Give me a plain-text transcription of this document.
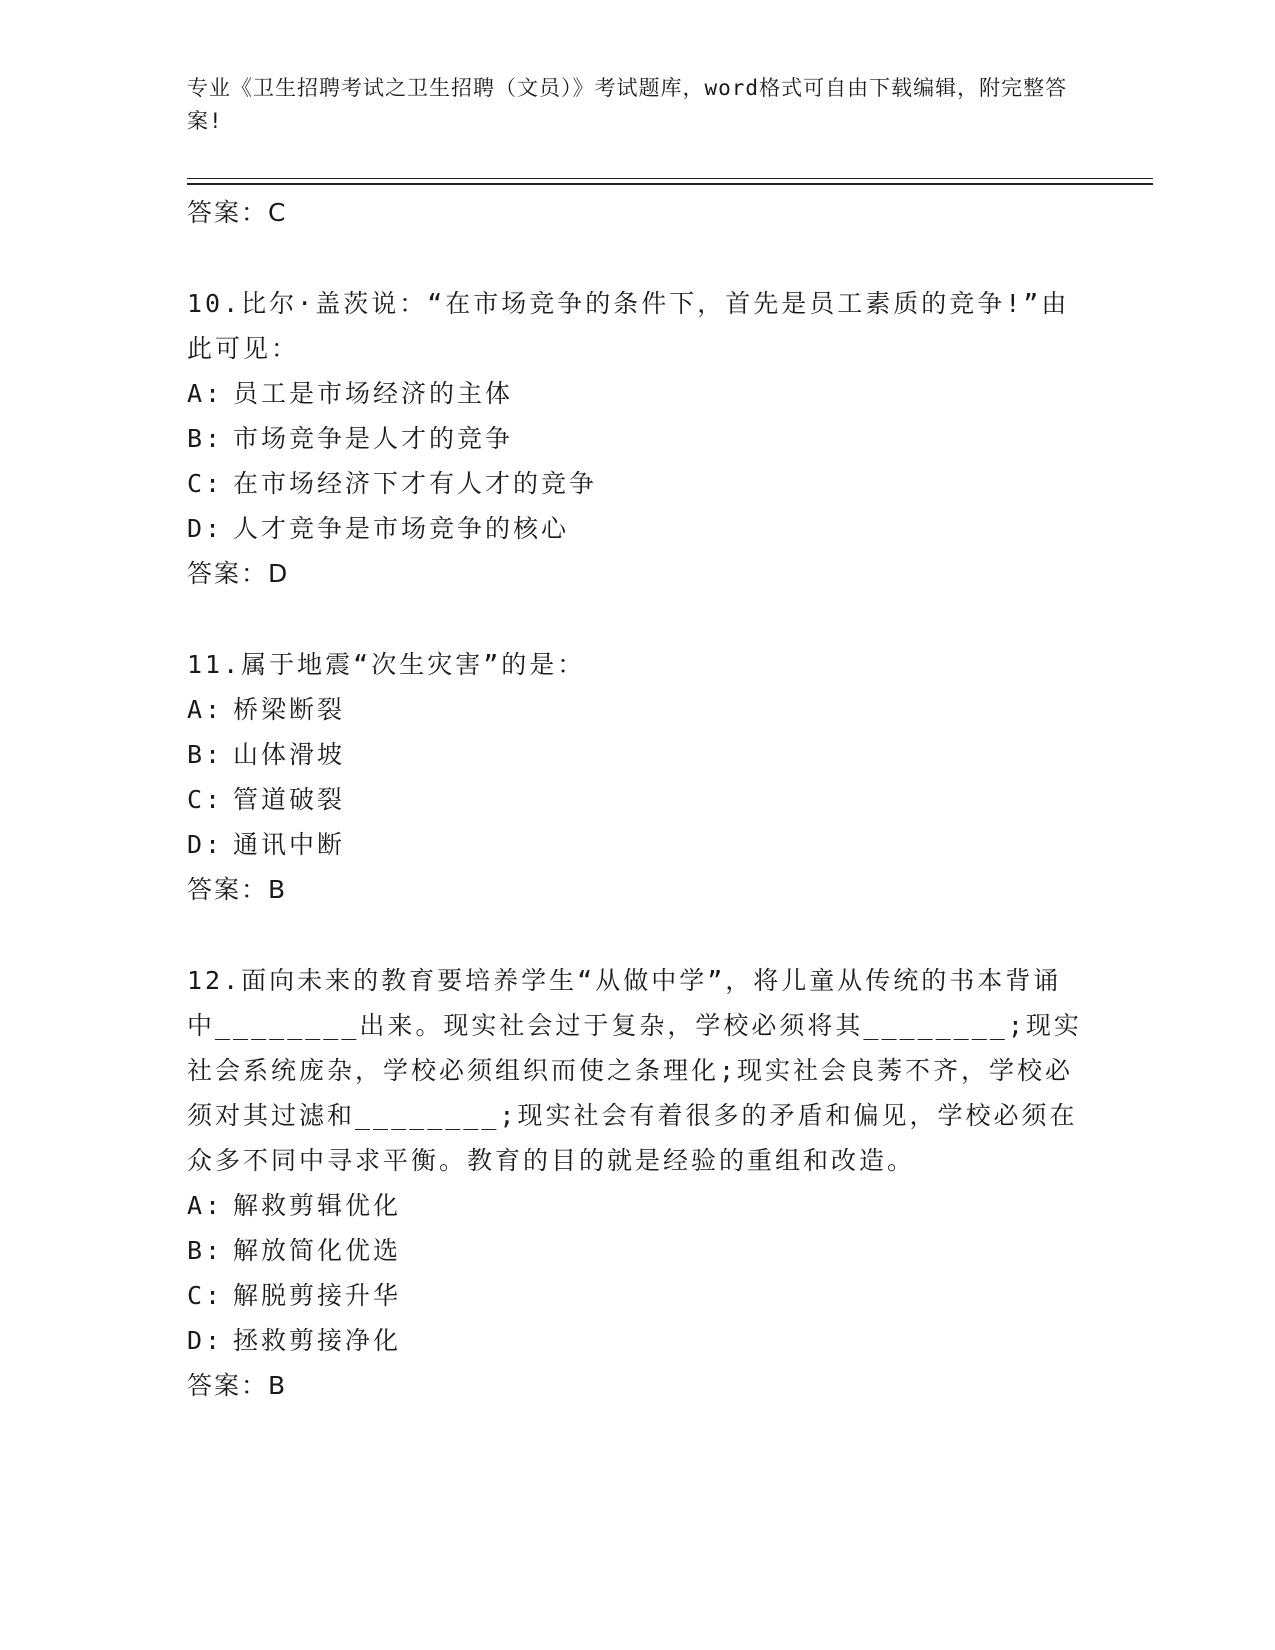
专业《卫生招聘考试之卫生招聘（文员）》考试题库，word格式可自由下载编辑，附完整答案!
答案：C
10.比尔·盖茨说：“在市场竞争的条件下，首先是员工素质的竞争!”由此可见：
A: 员工是市场经济的主体
B: 市场竞争是人才的竞争
C: 在市场经济下才有人才的竞争
D: 人才竞争是市场竞争的核心
答案：D
11.属于地震“次生灾害”的是：
A: 桥梁断裂
B: 山体滑坡
C: 管道破裂
D: 通讯中断
答案：B
12.面向未来的教育要培养学生“从做中学”，将儿童从传统的书本背诵中________出来。现实社会过于复杂，学校必须将其________;现实社会系统庞杂，学校必须组织而使之条理化;现实社会良莠不齐，学校必须对其过滤和________;现实社会有着很多的矛盾和偏见，学校必须在众多不同中寻求平衡。教育的目的就是经验的重组和改造。
A: 解救剪辑优化
B: 解放简化优选
C: 解脱剪接升华
D: 拯救剪接净化
答案：B
